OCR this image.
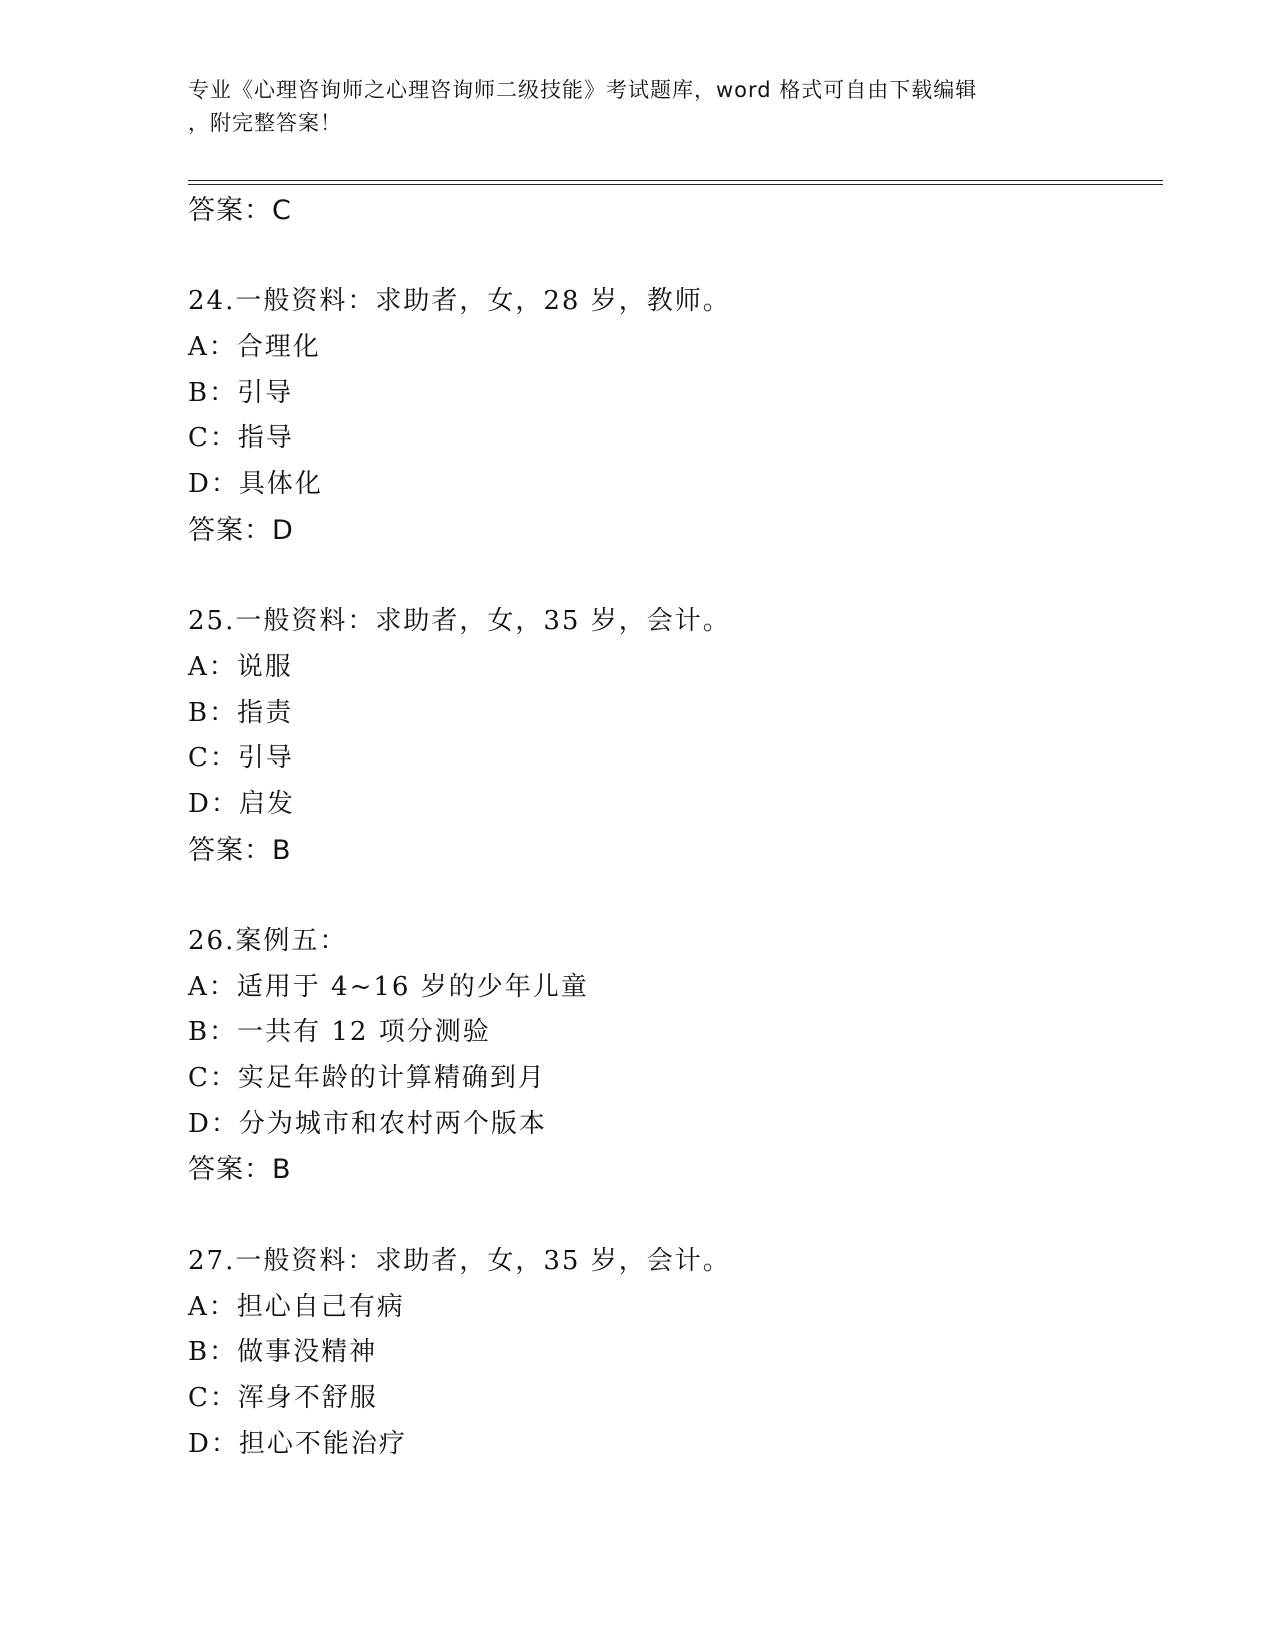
专业《心理咨询师之心理咨询师二级技能》考试题库，word 格式可自由下载编辑
，附完整答案！
答案：C
24.一般资料：求助者，女，28 岁，教师。
A：合理化
B：引导
C：指导
D：具体化
答案：D
25.一般资料：求助者，女，35 岁，会计。
A：说服
B：指责
C：引导
D：启发
答案：B
26.案例五：
A：适用于 4~16 岁的少年儿童
B：一共有 12 项分测验
C：实足年龄的计算精确到月
D：分为城市和农村两个版本
答案：B
27.一般资料：求助者，女，35 岁，会计。
A：担心自己有病
B：做事没精神
C：浑身不舒服
D：担心不能治疗
